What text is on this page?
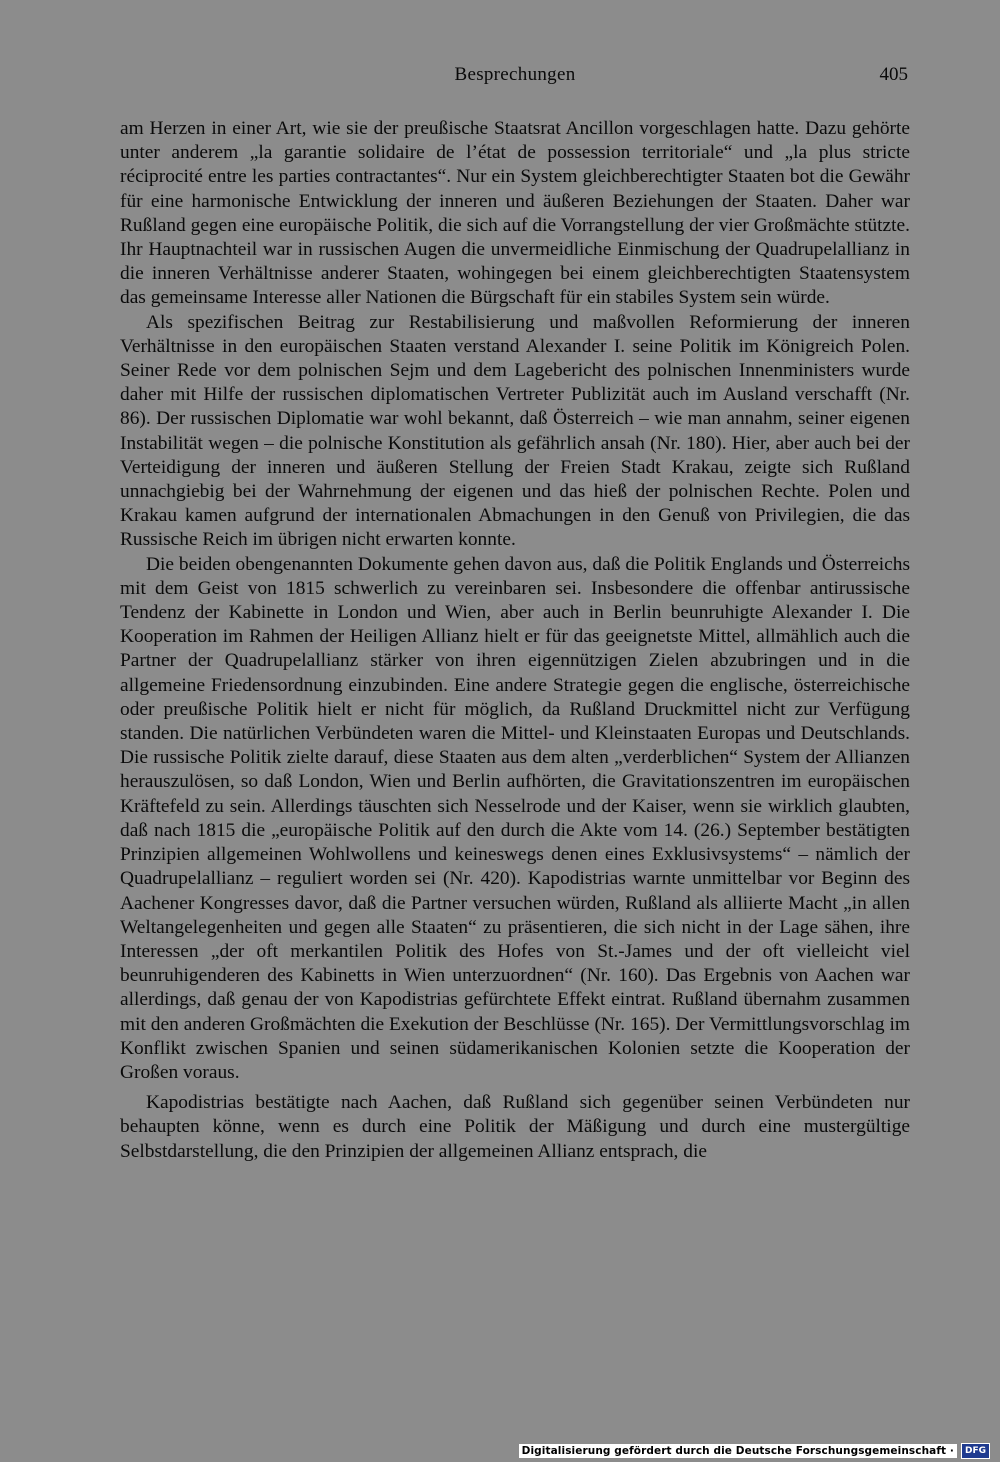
Besprechungen	405

am Herzen in einer Art, wie sie der preußische Staatsrat Ancillon vorgeschlagen hatte. Dazu gehörte unter anderem „la garantie solidaire de l’état de possession territoriale“ und „la plus stricte réciprocité entre les parties contractantes“. Nur ein System gleichberechtigter Staaten bot die Gewähr für eine harmonische Entwicklung der inneren und äußeren Beziehungen der Staaten. Daher war Rußland gegen eine europäische Politik, die sich auf die Vorrangstellung der vier Großmächte stützte. Ihr Hauptnachteil war in russischen Augen die unvermeidliche Einmischung der Quadrupelallianz in die inneren Verhältnisse anderer Staaten, wohingegen bei einem gleichberechtigten Staatensystem das gemeinsame Interesse aller Nationen die Bürgschaft für ein stabiles System sein würde.

Als spezifischen Beitrag zur Restabilisierung und maßvollen Reformierung der inneren Verhältnisse in den europäischen Staaten verstand Alexander I. seine Politik im Königreich Polen. Seiner Rede vor dem polnischen Sejm und dem Lagebericht des polnischen Innenministers wurde daher mit Hilfe der russischen diplomatischen Vertreter Publizität auch im Ausland verschafft (Nr. 86). Der russischen Diplomatie war wohl bekannt, daß Österreich – wie man annahm, seiner eigenen Instabilität wegen – die polnische Konstitution als gefährlich ansah (Nr. 180). Hier, aber auch bei der Verteidigung der inneren und äußeren Stellung der Freien Stadt Krakau, zeigte sich Rußland unnachgiebig bei der Wahrnehmung der eigenen und das hieß der polnischen Rechte. Polen und Krakau kamen aufgrund der internationalen Abmachungen in den Genuß von Privilegien, die das Russische Reich im übrigen nicht erwarten konnte.

Die beiden obengenannten Dokumente gehen davon aus, daß die Politik Englands und Österreichs mit dem Geist von 1815 schwerlich zu vereinbaren sei. Insbesondere die offenbar antirussische Tendenz der Kabinette in London und Wien, aber auch in Berlin beunruhigte Alexander I. Die Kooperation im Rahmen der Heiligen Allianz hielt er für das geeignetste Mittel, allmählich auch die Partner der Quadrupelallianz stärker von ihren eigennützigen Zielen abzubringen und in die allgemeine Friedensordnung einzubinden. Eine andere Strategie gegen die englische, österreichische oder preußische Politik hielt er nicht für möglich, da Rußland Druckmittel nicht zur Verfügung standen. Die natürlichen Verbündeten waren die Mittel- und Kleinstaaten Europas und Deutschlands. Die russische Politik zielte darauf, diese Staaten aus dem alten „verderblichen“ System der Allianzen herauszulösen, so daß London, Wien und Berlin aufhörten, die Gravitationszentren im europäischen Kräftefeld zu sein. Allerdings täuschten sich Nesselrode und der Kaiser, wenn sie wirklich glaubten, daß nach 1815 die „europäische Politik auf den durch die Akte vom 14. (26.) September bestätigten Prinzipien allgemeinen Wohlwollens und keineswegs denen eines Exklusivsystems“ – nämlich der Quadrupelallianz – reguliert worden sei (Nr. 420). Kapodistrias warnte unmittelbar vor Beginn des Aachener Kongresses davor, daß die Partner versuchen würden, Rußland als alliierte Macht „in allen Weltangelegenheiten und gegen alle Staaten“ zu präsentieren, die sich nicht in der Lage sähen, ihre Interessen „der oft merkantilen Politik des Hofes von St.-James und der oft vielleicht viel beunruhigenderen des Kabinetts in Wien unterzuordnen“ (Nr. 160). Das Ergebnis von Aachen war allerdings, daß genau der von Kapodistrias gefürchtete Effekt eintrat. Rußland übernahm zusammen mit den anderen Großmächten die Exekution der Beschlüsse (Nr. 165). Der Vermittlungsvorschlag im Konflikt zwischen Spanien und seinen südamerikanischen Kolonien setzte die Kooperation der Großen voraus.

Kapodistrias bestätigte nach Aachen, daß Rußland sich gegenüber seinen Verbündeten nur behaupten könne, wenn es durch eine Politik der Mäßigung und durch eine mustergültige Selbstdarstellung, die den Prinzipien der allgemeinen Allianz entsprach, die

Digitalisierung gefördert durch die Deutsche Forschungsgemeinschaft ·	DFG
